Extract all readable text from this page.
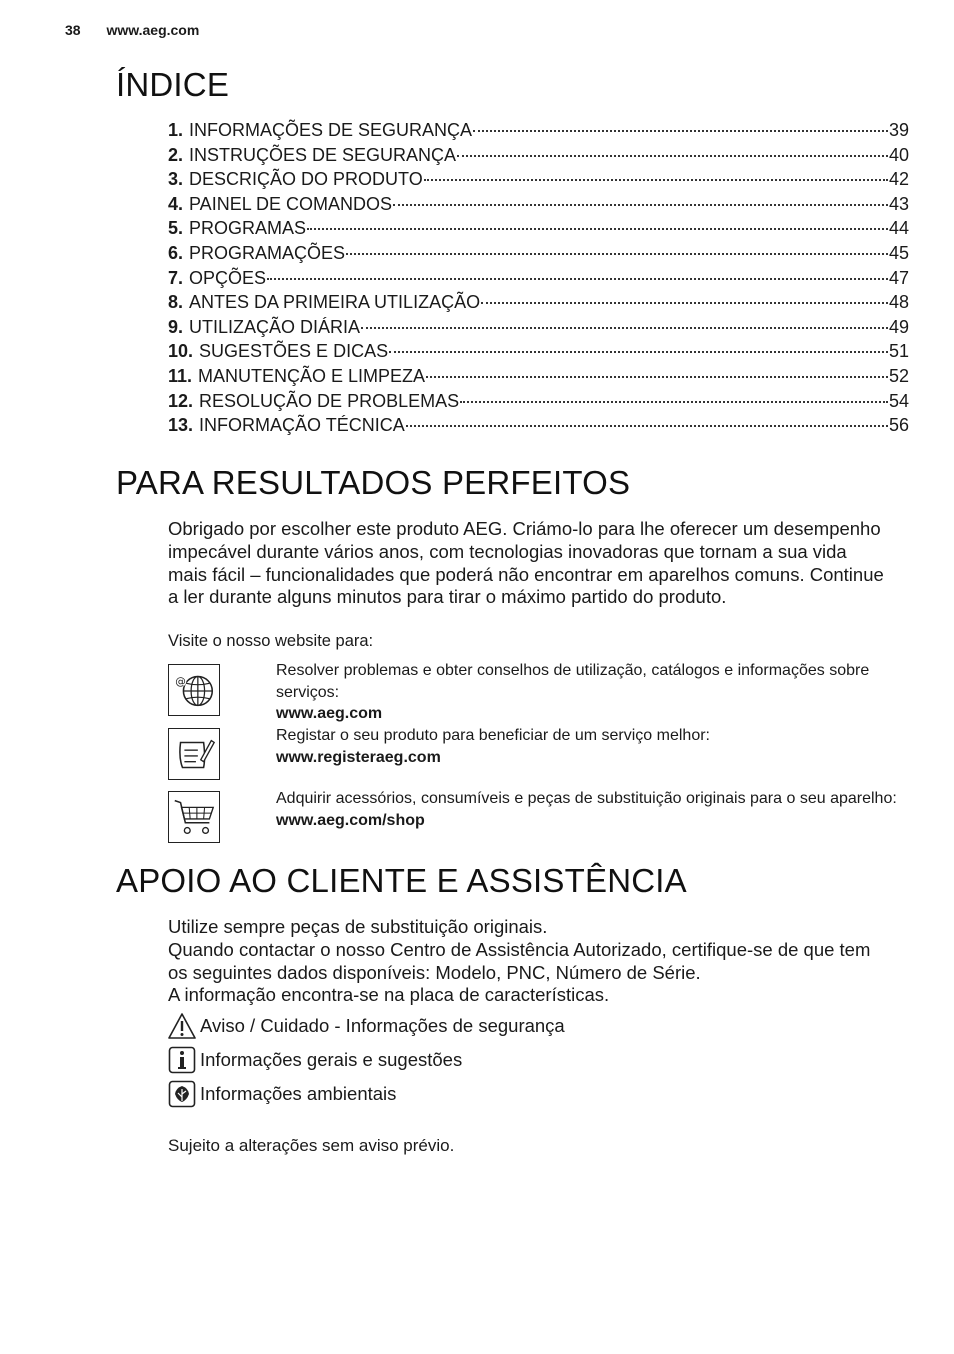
38 www.aeg.com
ÍNDICE
1. INFORMAÇÕES DE SEGURANÇA	39
2. INSTRUÇÕES DE SEGURANÇA	40
3. DESCRIÇÃO DO PRODUTO	42
4. PAINEL DE COMANDOS	43
5. PROGRAMAS	44
6. PROGRAMAÇÕES	45
7. OPÇÕES	47
8. ANTES DA PRIMEIRA UTILIZAÇÃO	48
9. UTILIZAÇÃO DIÁRIA	49
10. SUGESTÕES E DICAS	51
11. MANUTENÇÃO E LIMPEZA	52
12. RESOLUÇÃO DE PROBLEMAS	54
13. INFORMAÇÃO TÉCNICA	56
PARA RESULTADOS PERFEITOS
Obrigado por escolher este produto AEG. Criámo-lo para lhe oferecer um desempenho impecável durante vários anos, com tecnologias inovadoras que tornam a sua vida mais fácil – funcionalidades que poderá não encontrar em aparelhos comuns. Continue a ler durante alguns minutos para tirar o máximo partido do produto.
Visite o nosso website para:
@
Resolver problemas e obter conselhos de utilização, catálogos e informações sobre serviços:
www.aeg.com
Registar o seu produto para beneficiar de um serviço melhor:
www.registeraeg.com
Adquirir acessórios, consumíveis e peças de substituição originais para o seu aparelho:
www.aeg.com/shop
APOIO AO CLIENTE E ASSISTÊNCIA
Utilize sempre peças de substituição originais.
Quando contactar o nosso Centro de Assistência Autorizado, certifique-se de que tem os seguintes dados disponíveis: Modelo, PNC, Número de Série.
A informação encontra-se na placa de características.
Aviso / Cuidado - Informações de segurança
Informações gerais e sugestões
Informações ambientais
Sujeito a alterações sem aviso prévio.
